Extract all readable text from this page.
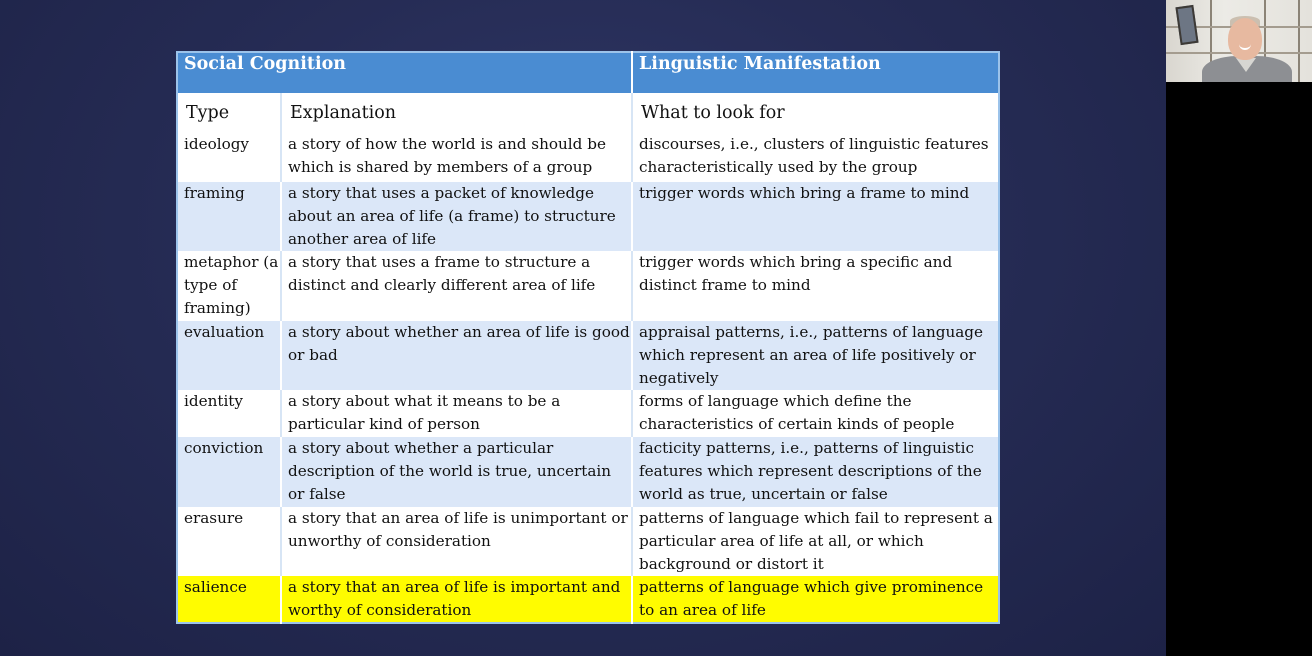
Social Cognition		Linguistic Manifestation
Type	Explanation	What to look for
ideology	a story of how the world is and should be which is shared by members of a group	discourses, i.e., clusters of linguistic features characteristically used by the group
framing	a story that uses a packet of knowledge about an area of life (a frame) to structure another area of life	trigger words which bring a frame to mind
metaphor (a type of framing)	a story that uses a frame to structure a distinct and clearly different area of life	trigger words which bring a specific and distinct frame to mind
evaluation	a story about whether an area of life is good or bad	appraisal patterns, i.e., patterns of language which represent an area of life positively or negatively
identity	a story about what it means to be a particular kind of person	forms of language which define the characteristics of certain kinds of people
conviction	a story about whether a particular description of the world is true, uncertain or false	facticity patterns, i.e., patterns of linguistic features which represent descriptions of the world as true, uncertain or false
erasure	a story that an area of life is unimportant or unworthy of consideration	patterns of language which fail to represent a particular area of life at all, or which background or distort it
salience	a story that an area of life is important and worthy of consideration	patterns of language which give prominence to an area of life
